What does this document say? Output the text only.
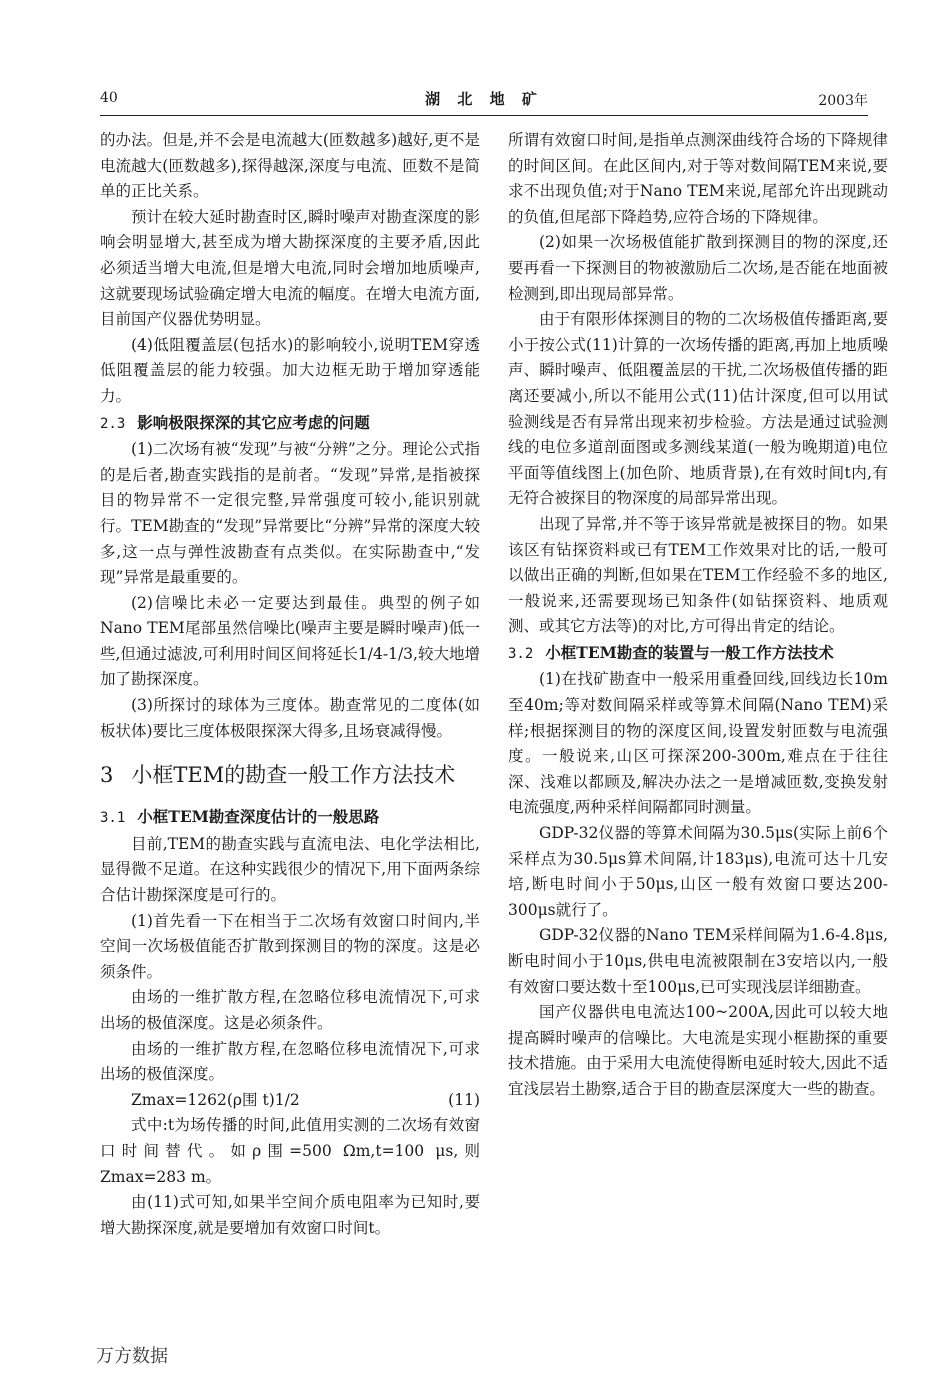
40	湖 北 地 矿	2003年

的办法。但是,并不会是电流越大(匝数越多)越好,更不是电流越大(匝数越多),探得越深,深度与电流、匝数不是简单的正比关系。

预计在较大延时勘查时区,瞬时噪声对勘查深度的影响会明显增大,甚至成为增大勘探深度的主要矛盾,因此必须适当增大电流,但是增大电流,同时会增加地质噪声,这就要现场试验确定增大电流的幅度。在增大电流方面,目前国产仪器优势明显。

(4)低阻覆盖层(包括水)的影响较小,说明TEM穿透低阻覆盖层的能力较强。加大边框无助于增加穿透能力。

2.3 影响极限探深的其它应考虑的问题

(1)二次场有被“发现”与被“分辨”之分。理论公式指的是后者,勘查实践指的是前者。“发现”异常,是指被探目的物异常不一定很完整,异常强度可较小,能识别就行。TEM勘查的“发现”异常要比“分辨”异常的深度大较多,这一点与弹性波勘查有点类似。在实际勘查中,“发现”异常是最重要的。

(2)信噪比未必一定要达到最佳。典型的例子如Nano TEM尾部虽然信噪比(噪声主要是瞬时噪声)低一些,但通过滤波,可利用时间区间将延长1/4-1/3,较大地增加了勘探深度。

(3)所探讨的球体为三度体。勘查常见的二度体(如板状体)要比三度体极限探深大得多,且场衰减得慢。

3 小框TEM的勘查一般工作方法技术
3.1 小框TEM勘查深度估计的一般思路

目前,TEM的勘查实践与直流电法、电化学法相比,显得微不足道。在这种实践很少的情况下,用下面两条综合估计勘探深度是可行的。

(1)首先看一下在相当于二次场有效窗口时间内,半空间一次场极值能否扩散到探测目的物的深度。这是必须条件。

由场的一维扩散方程,在忽略位移电流情况下,可求出场的极值深度。这是必须条件。

由场的一维扩散方程,在忽略位移电流情况下,可求出场的极值深度。

Zmax=1262(ρ围 t)1/2	(11)

式中:t为场传播的时间,此值用实测的二次场有效窗口时间替代。如ρ围=500 Ωm,t=100 μs,则Zmax=283 m。

由(11)式可知,如果半空间介质电阻率为已知时,要增大勘探深度,就是要增加有效窗口时间t。

所谓有效窗口时间,是指单点测深曲线符合场的下降规律的时间区间。在此区间内,对于等对数间隔TEM来说,要求不出现负值;对于Nano TEM来说,尾部允许出现跳动的负值,但尾部下降趋势,应符合场的下降规律。

(2)如果一次场极值能扩散到探测目的物的深度,还要再看一下探测目的物被激励后二次场,是否能在地面被检测到,即出现局部异常。

由于有限形体探测目的物的二次场极值传播距离,要小于按公式(11)计算的一次场传播的距离,再加上地质噪声、瞬时噪声、低阻覆盖层的干扰,二次场极值传播的距离还要减小,所以不能用公式(11)估计深度,但可以用试验测线是否有异常出现来初步检验。方法是通过试验测线的电位多道剖面图或多测线某道(一般为晚期道)电位平面等值线图上(加色阶、地质背景),在有效时间t内,有无符合被探目的物深度的局部异常出现。

出现了异常,并不等于该异常就是被探目的物。如果该区有钻探资料或已有TEM工作效果对比的话,一般可以做出正确的判断,但如果在TEM工作经验不多的地区,一般说来,还需要现场已知条件(如钻探资料、地质观测、或其它方法等)的对比,方可得出肯定的结论。

3.2 小框TEM勘查的装置与一般工作方法技术

(1)在找矿勘查中一般采用重叠回线,回线边长10m至40m;等对数间隔采样或等算术间隔(Nano TEM)采样;根据探测目的物的深度区间,设置发射匝数与电流强度。一般说来,山区可探深200-300m,难点在于往往深、浅难以都顾及,解决办法之一是增减匝数,变换发射电流强度,两种采样间隔都同时测量。

GDP-32仪器的等算术间隔为30.5μs(实际上前6个采样点为30.5μs算术间隔,计183μs),电流可达十几安培,断电时间小于50μs,山区一般有效窗口要达200-300μs就行了。

GDP-32仪器的Nano TEM采样间隔为1.6-4.8μs,断电时间小于10μs,供电电流被限制在3安培以内,一般有效窗口要达数十至100μs,已可实现浅层详细勘查。

国产仪器供电电流达100~200A,因此可以较大地提高瞬时噪声的信噪比。大电流是实现小框勘探的重要技术措施。由于采用大电流使得断电延时较大,因此不适宜浅层岩土勘察,适合于目的勘查层深度大一些的勘查。

万方数据
